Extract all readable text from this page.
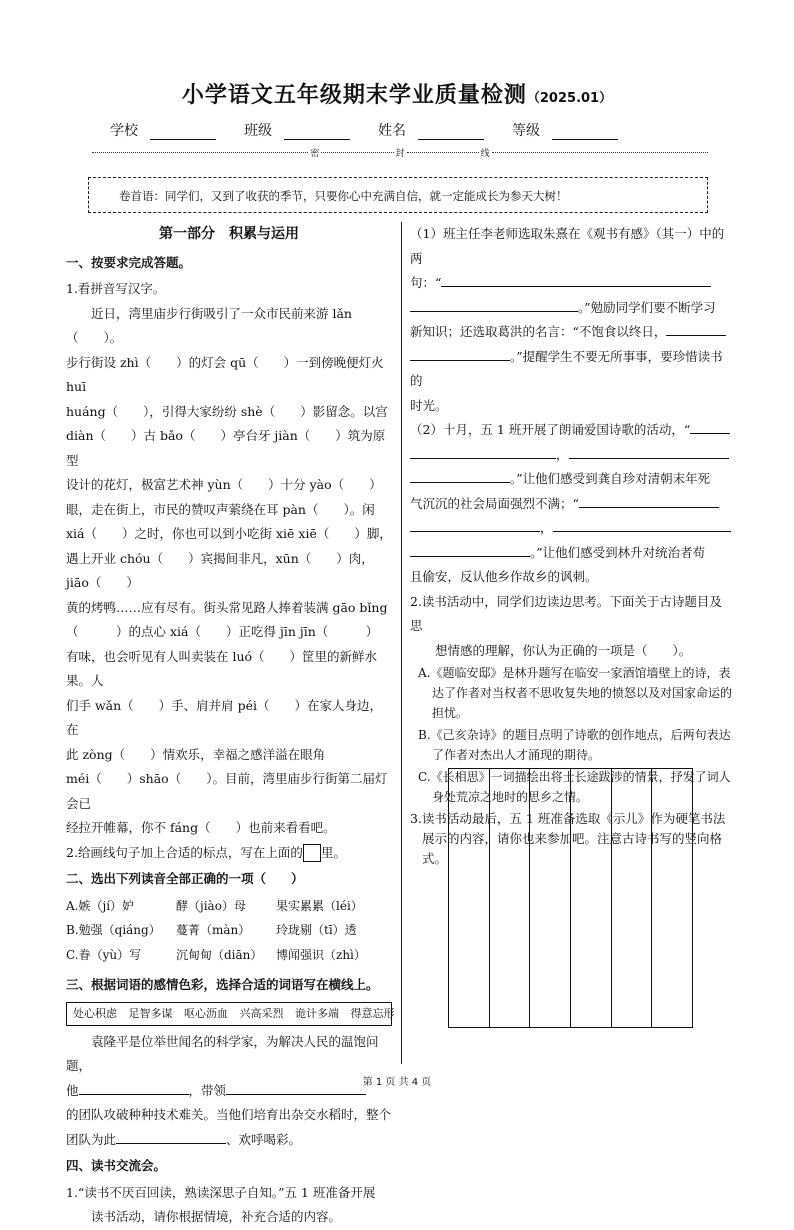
小学语文五年级期末学业质量检测（2025.01）
学校	班级	姓名	等级
密	封	线
卷首语：同学们，又到了收获的季节，只要你心中充满自信，就一定能成长为参天大树！
第一部分　积累与运用
一、按要求完成答题。

1.看拼音写汉字。

近日，湾里庙步行街吸引了一众市民前来游 lǎn（　　）。

步行街设 zhì（　　）的灯会 qū（　　）一到傍晚便灯火 huī

huáng（　　），引得大家纷纷 shè（　　）影留念。以宫

diàn（　　）古 bǎo（　　）亭台牙 jiàn（　　）筑为原型

设计的花灯，极富艺术神 yùn（　　）十分 yào（　　）

眼，走在街上，市民的赞叹声萦绕在耳 pàn（　　）。闲

xiá（　　）之时，你也可以到小吃街 xiē xiē（　　）脚，

遇上开业 chóu（　　）宾揭间非凡，xūn（　　）肉，jiāo（　　）

黄的烤鸭……应有尽有。街头常见路人捧着装满 gāo bǐng

（　　　）的点心 xiá（　　）正吃得 jīn jīn（　　　）

有味，也会听见有人叫卖装在 luó（　　）筐里的新鲜水果。人

们手 wǎn（　　）手、肩并肩 péi（　　）在家人身边，在

此 zòng（　　）情欢乐，幸福之感洋溢在眼角

méi（　　）shāo（　　）。目前，湾里庙步行街第二届灯会已

经拉开帷幕，你不 fáng（　　）也前来看看吧。

2.给画线句子加上合适的标点，写在上面的 里。

二、选出下列读音全部正确的一项（　　）
A.嫉（jí）妒	酵（jiào）母	果实累累（léi）
B.勉强（qiáng）	蔓菁（màn）	玲珑剔（tī）透
C.眷（yù）写	沉甸甸（diān）	博闻强识（zhì）
三、根据词语的感情色彩，选择合适的词语写在横线上。
处心积虑 足智多谋 呕心沥血 兴高采烈 诡计多端 得意忘形

袁隆平是位举世闻名的科学家，为解决人民的温饱问题，

他	，带领

的团队攻破种种技术难关。当他们培育出杂交水稻时，整个

团队为此	、欢呼喝彩。

四、读书交流会。

1.“读书不厌百回读，熟读深思子自知。”五 1 班准备开展

读书活动，请你根据情境，补充合适的内容。

（1）班主任李老师选取朱熹在《观书有感》（其一）中的两

句：“

。”勉励同学们要不断学习

新知识；还选取葛洪的名言：“不饱食以终日，

。”提醒学生不要无所事事，要珍惜读书的

时光。

（2）十月，五 1 班开展了朗诵爱国诗歌的活动，“

，

。”让他们感受到龚自珍对清朝末年死

气沉沉的社会局面强烈不满；“

，

。”让他们感受到林升对统治者苟

且偷安，反认他乡作故乡的讽刺。

2.读书活动中，同学们边读边思考。下面关于古诗题目及思

想情感的理解，你认为正确的一项是（　　）。

A.《题临安邸》是林升题写在临安一家酒馆墙壁上的诗，表达了作者对当权者不思收复失地的愤怒以及对国家命运的担忧。

B.《己亥杂诗》的题目点明了诗歌的创作地点，后两句表达了作者对杰出人才涌现的期待。

C.《长相思》一词描绘出将士长途跋涉的情景，抒发了词人身处荒凉之地时的思乡之情。

3.读书活动最后，五 1 班准备选取《示儿》作为硬笔书法展示的内容，请你也来参加吧。注意古诗书写的竖向格式。

第 1 页 共 4 页
